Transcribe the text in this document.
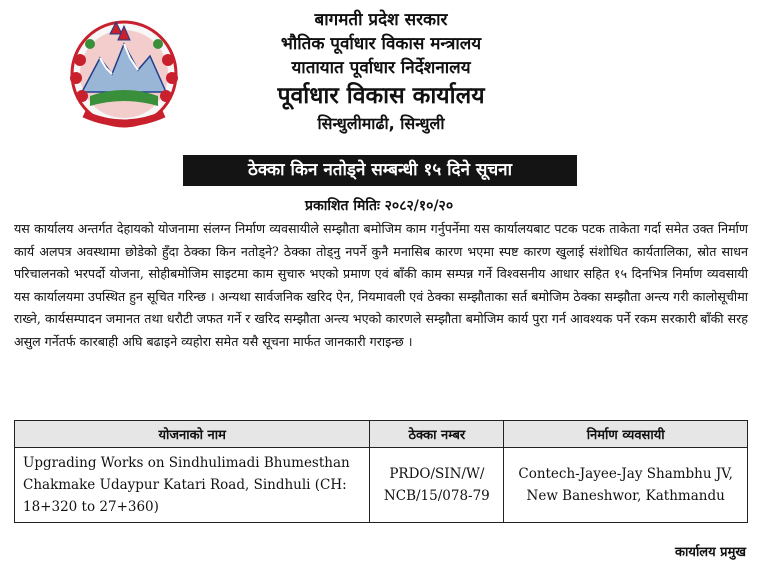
बागमती प्रदेश सरकार
भौतिक पूर्वाधार विकास मन्त्रालय
यातायात पूर्वाधार निर्देशनालय
पूर्वाधार विकास कार्यालय
सिन्धुलीमाढी, सिन्धुली
ठेक्का किन नतोड्ने सम्बन्धी १५ दिने सूचना
प्रकाशित मितिः २०८२/१०/२०
यस कार्यालय अन्तर्गत देहायको योजनामा संलग्न निर्माण व्यवसायीले सम्झौता बमोजिम काम गर्नुपर्नेमा यस कार्यालयबाट पटक पटक ताकेता गर्दा समेत उक्त निर्माण कार्य अलपत्र अवस्थामा छोडेको हुँदा ठेक्का किन नतोड्ने? ठेक्का तोड्नु नपर्ने कुनै मनासिब कारण भएमा स्पष्ट कारण खुलाई संशोधित कार्यतालिका, स्रोत साधन परिचालनको भरपर्दो योजना, सोहीबमोजिम साइटमा काम सुचारु भएको प्रमाण एवं बाँकी काम सम्पन्न गर्ने विश्वसनीय आधार सहित १५ दिनभित्र निर्माण व्यवसायी यस कार्यालयमा उपस्थित हुन सूचित गरिन्छ । अन्यथा सार्वजनिक खरिद ऐन, नियमावली एवं ठेक्का सम्झौताका सर्त बमोजिम ठेक्का सम्झौता अन्त्य गरी कालोसूचीमा राख्ने, कार्यसम्पादन जमानत तथा धरौटी जफत गर्ने र खरिद सम्झौता अन्त्य भएको कारणले सम्झौता बमोजिम कार्य पुरा गर्न आवश्यक पर्ने रकम सरकारी बाँकी सरह असुल गर्नेतर्फ कारबाही अघि बढाइने व्यहोरा समेत यसै सूचना मार्फत जानकारी गराइन्छ ।
योजनाको नाम	ठेक्का नम्बर	निर्माण व्यवसायी
Upgrading Works on Sindhulimadi Bhumesthan Chakmake Udaypur Katari Road, Sindhuli (CH: 18+320 to 27+360)	PRDO/SIN/W/ NCB/15/078-79	Contech-Jayee-Jay Shambhu JV, New Baneshwor, Kathmandu
कार्यालय प्रमुख
